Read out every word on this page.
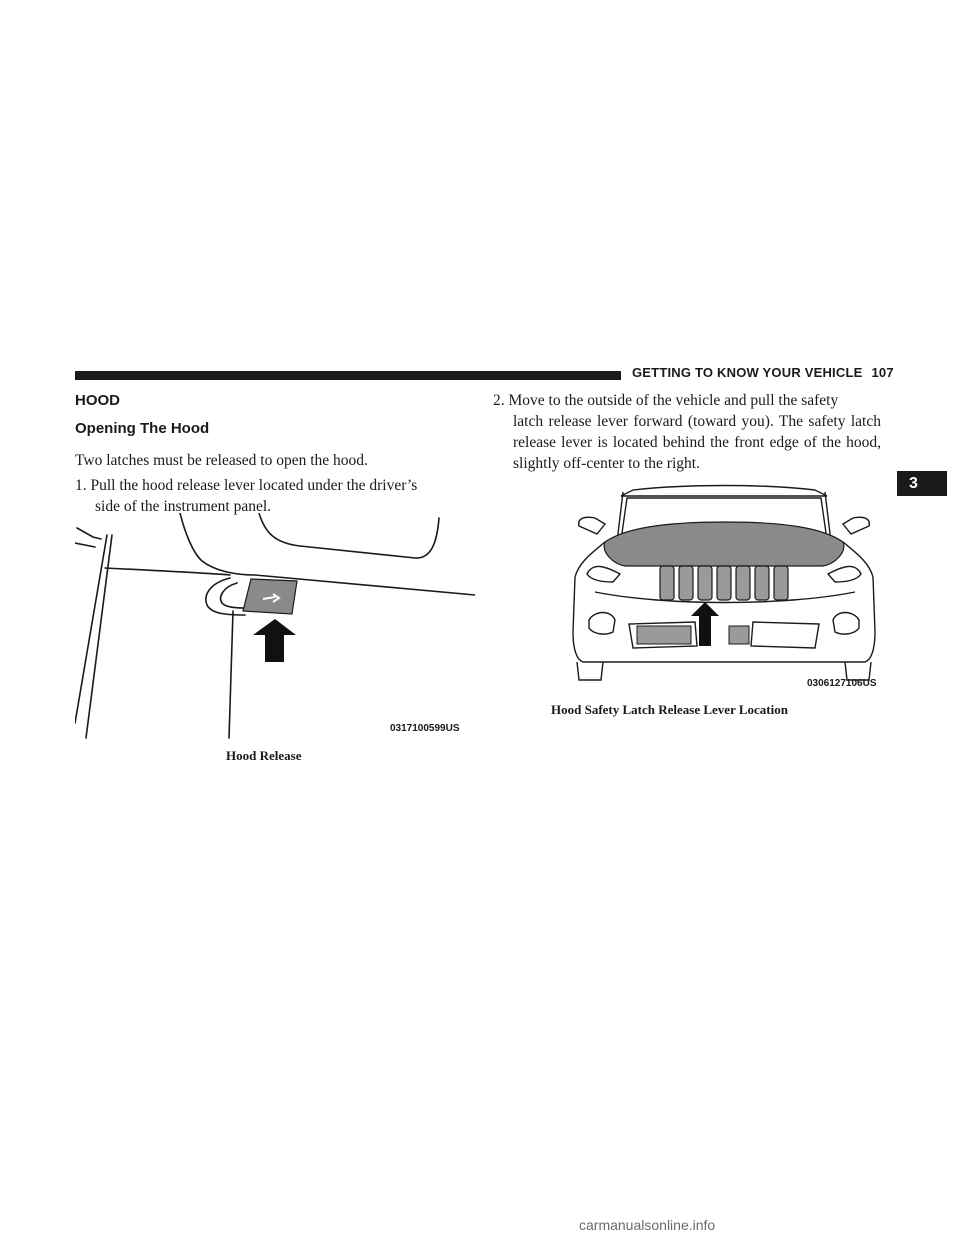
GETTING TO KNOW YOUR VEHICLE 107
3
HOOD
Opening The Hood
Two latches must be released to open the hood.
1. Pull the hood release lever located under the driver’s
side of the instrument panel.
2. Move to the outside of the vehicle and pull the safety
latch release lever forward (toward you). The safety latch release lever is located behind the front edge of the hood, slightly off-center to the right.
0317100599US
Hood Release
0306127106US
Hood Safety Latch Release Lever Location
carmanualsonline.info
